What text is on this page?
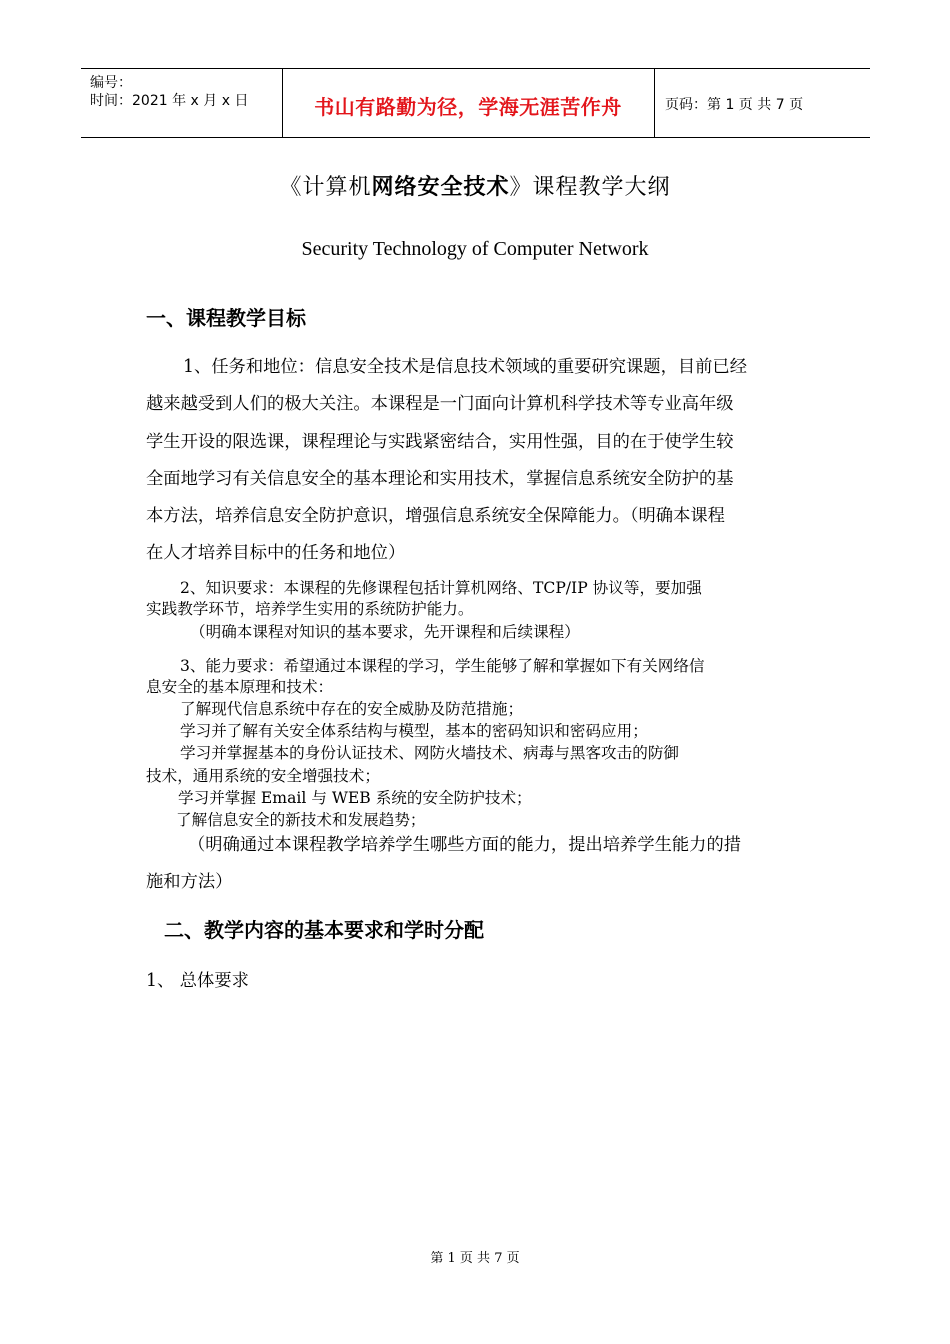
编号：
时间：2021 年 x 月 x 日	书山有路勤为径，学海无涯苦作舟	页码：第 1 页 共 7 页
《计算机网络安全技术》课程教学大纲
Security Technology of Computer Network
一、课程教学目标
1、任务和地位：信息安全技术是信息技术领域的重要研究课题，目前已经
越来越受到人们的极大关注。本课程是一门面向计算机科学技术等专业高年级
学生开设的限选课，课程理论与实践紧密结合，实用性强，目的在于使学生较
全面地学习有关信息安全的基本理论和实用技术，掌握信息系统安全防护的基
本方法，培养信息安全防护意识，增强信息系统安全保障能力。（明确本课程
在人才培养目标中的任务和地位）
2、知识要求：本课程的先修课程包括计算机网络、TCP/IP 协议等，要加强
实践教学环节，培养学生实用的系统防护能力。
（明确本课程对知识的基本要求，先开课程和后续课程）
3、能力要求：希望通过本课程的学习，学生能够了解和掌握如下有关网络信
息安全的基本原理和技术：
了解现代信息系统中存在的安全威胁及防范措施；
学习并了解有关安全体系结构与模型，基本的密码知识和密码应用；
学习并掌握基本的身份认证技术、网防火墙技术、病毒与黑客攻击的防御
技术，通用系统的安全增强技术；
学习并掌握 Email 与 WEB 系统的安全防护技术；
了解信息安全的新技术和发展趋势；
（明确通过本课程教学培养学生哪些方面的能力，提出培养学生能力的措
施和方法）
二、教学内容的基本要求和学时分配
1、 总体要求
第 1 页 共 7 页
